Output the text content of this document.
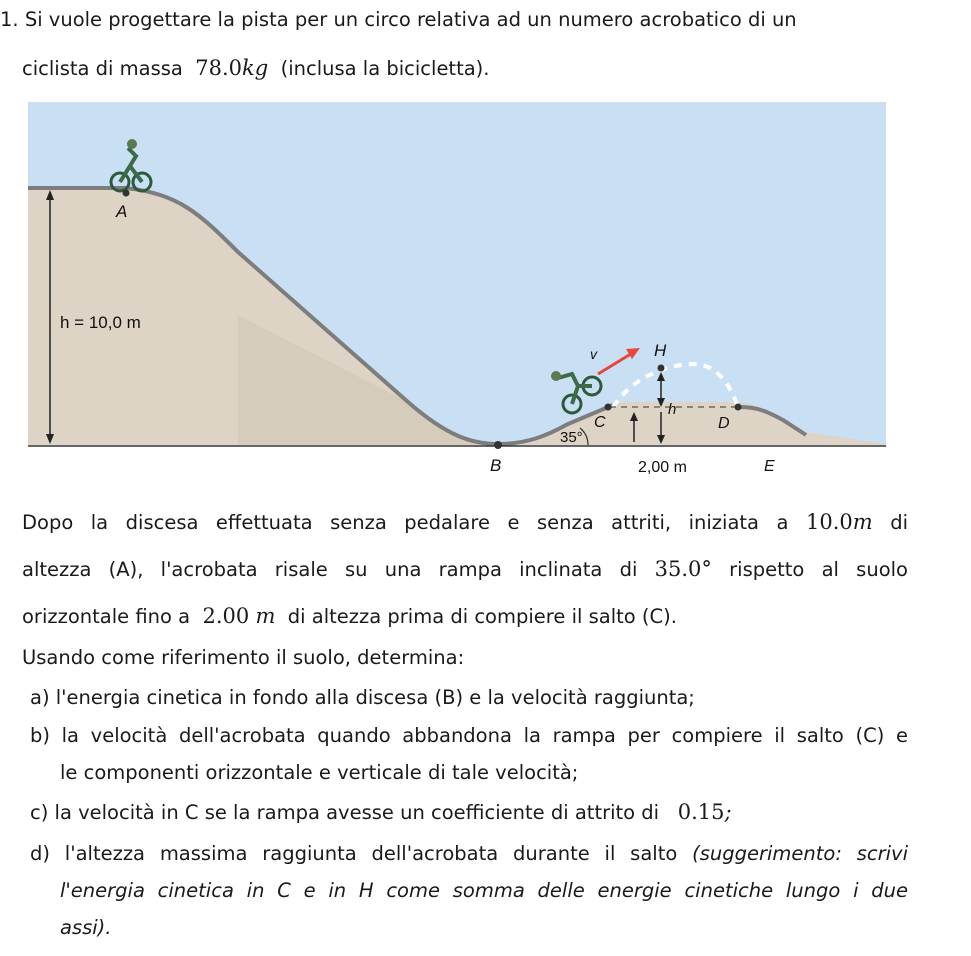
1. Si vuole progettare la pista per un circo relativa ad un numero acrobatico di un
ciclista di massa 78.0kg (inclusa la bicicletta).
h = 10,0 m
A
B
35°
C
v	H
h
2,00 m
D
E
Dopo la discesa effettuata senza pedalare e senza attriti, iniziata a 10.0m di
altezza (A), l'acrobata risale su una rampa inclinata di 35.0° rispetto al suolo
orizzontale fino a 2.00 m di altezza prima di compiere il salto (C).
Usando come riferimento il suolo, determina:
a) l'energia cinetica in fondo alla discesa (B) e la velocità raggiunta;
b) la velocità dell'acrobata quando abbandona la rampa per compiere il salto (C) e
le componenti orizzontale e verticale di tale velocità;
c) la velocità in C se la rampa avesse un coefficiente di attrito di 0.15;
d) l'altezza massima raggiunta dell'acrobata durante il salto (suggerimento: scrivi
l'energia cinetica in C e in H come somma delle energie cinetiche lungo i due
assi).
